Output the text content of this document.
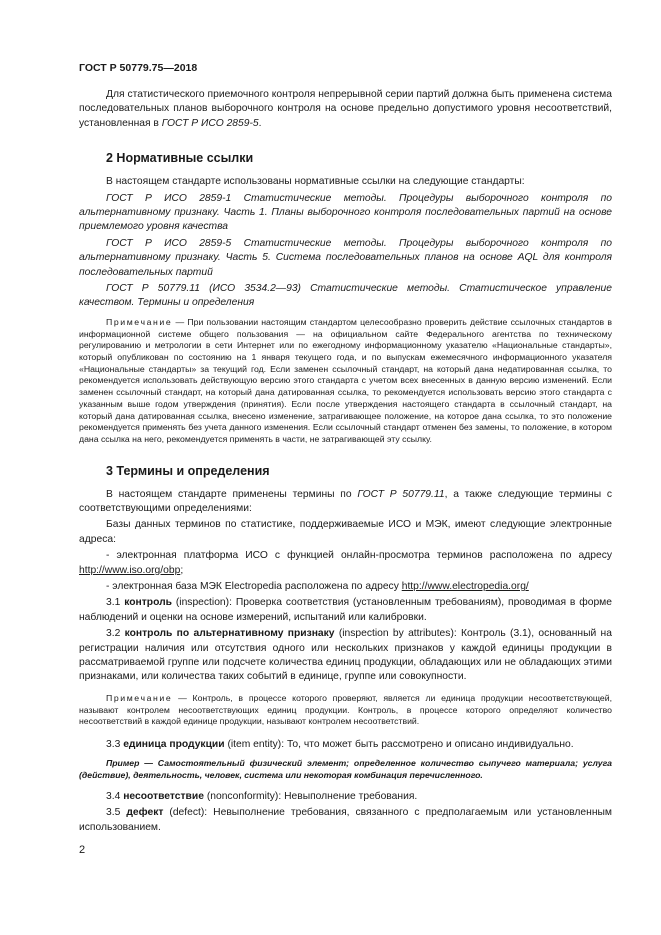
ГОСТ Р 50779.75—2018

Для статистического приемочного контроля непрерывной серии партий должна быть применена система последовательных планов выборочного контроля на основе предельно допустимого уровня несоответствий, установленная в ГОСТ Р ИСО 2859-5.

2 Нормативные ссылки

В настоящем стандарте использованы нормативные ссылки на следующие стандарты:

ГОСТ Р ИСО 2859-1 Статистические методы. Процедуры выборочного контроля по альтернативному признаку. Часть 1. Планы выборочного контроля последовательных партий на основе приемлемого уровня качества

ГОСТ Р ИСО 2859-5 Статистические методы. Процедуры выборочного контроля по альтернативному признаку. Часть 5. Система последовательных планов на основе AQL для контроля последовательных партий

ГОСТ Р 50779.11 (ИСО 3534.2—93) Статистические методы. Статистическое управление качеством. Термины и определения

Примечание — При пользовании настоящим стандартом целесообразно проверить действие ссылочных стандартов в информационной системе общего пользования — на официальном сайте Федерального агентства по техническому регулированию и метрологии в сети Интернет или по ежегодному информационному указателю «Национальные стандарты», который опубликован по состоянию на 1 января текущего года, и по выпускам ежемесячного информационного указателя «Национальные стандарты» за текущий год. Если заменен ссылочный стандарт, на который дана недатированная ссылка, то рекомендуется использовать действующую версию этого стандарта с учетом всех внесенных в данную версию изменений. Если заменен ссылочный стандарт, на который дана датированная ссылка, то рекомендуется использовать версию этого стандарта с указанным выше годом утверждения (принятия). Если после утверждения настоящего стандарта в ссылочный стандарт, на который дана датированная ссылка, внесено изменение, затрагивающее положение, на которое дана ссылка, то это положение рекомендуется применять без учета данного изменения. Если ссылочный стандарт отменен без замены, то положение, в котором дана ссылка на него, рекомендуется применять в части, не затрагивающей эту ссылку.

3 Термины и определения

В настоящем стандарте применены термины по ГОСТ Р 50779.11, а также следующие термины с соответствующими определениями:

Базы данных терминов по статистике, поддерживаемые ИСО и МЭК, имеют следующие электронные адреса:

- электронная платформа ИСО с функцией онлайн-просмотра терминов расположена по адресу http://www.iso.org/obp;

- электронная база МЭК Electropedia расположена по адресу http://www.electropedia.org/

3.1 контроль (inspection): Проверка соответствия (установленным требованиям), проводимая в форме наблюдений и оценки на основе измерений, испытаний или калибровки.

3.2 контроль по альтернативному признаку (inspection by attributes): Контроль (3.1), основанный на регистрации наличия или отсутствия одного или нескольких признаков у каждой единицы продукции в рассматриваемой группе или подсчете количества единиц продукции, обладающих или не обладающих этими признаками, или количества таких событий в единице, группе или совокупности.

Примечание — Контроль, в процессе которого проверяют, является ли единица продукции несоответствующей, называют контролем несоответствующих единиц продукции. Контроль, в процессе которого определяют количество несоответствий в каждой единице продукции, называют контролем несоответствий.

3.3 единица продукции (item entity): То, что может быть рассмотрено и описано индивидуально.

Пример — Самостоятельный физический элемент; определенное количество сыпучего материала; услуга (действие), деятельность, человек, система или некоторая комбинация перечисленного.

3.4 несоответствие (nonconformity): Невыполнение требования.

3.5 дефект (defect): Невыполнение требования, связанного с предполагаемым или установленным использованием.

2
